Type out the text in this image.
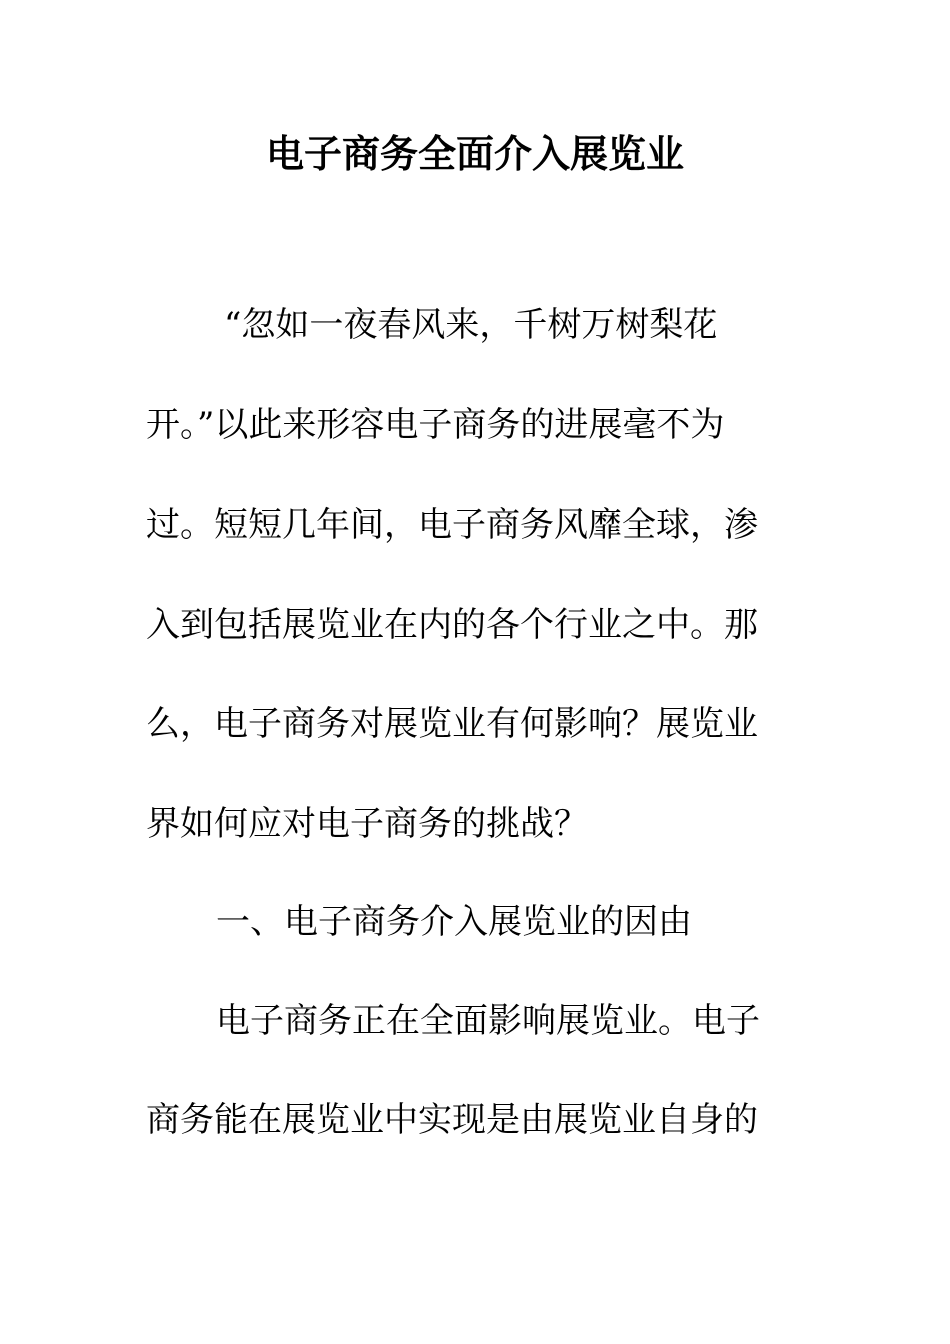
电子商务全面介入展览业

“忽如一夜春风来，千树万树梨花

开。”以此来形容电子商务的进展毫不为

过。短短几年间，电子商务风靡全球，渗

入到包括展览业在内的各个行业之中。那

么，电子商务对展览业有何影响？展览业

界如何应对电子商务的挑战？

一、电子商务介入展览业的因由

电子商务正在全面影响展览业。电子

商务能在展览业中实现是由展览业自身的
